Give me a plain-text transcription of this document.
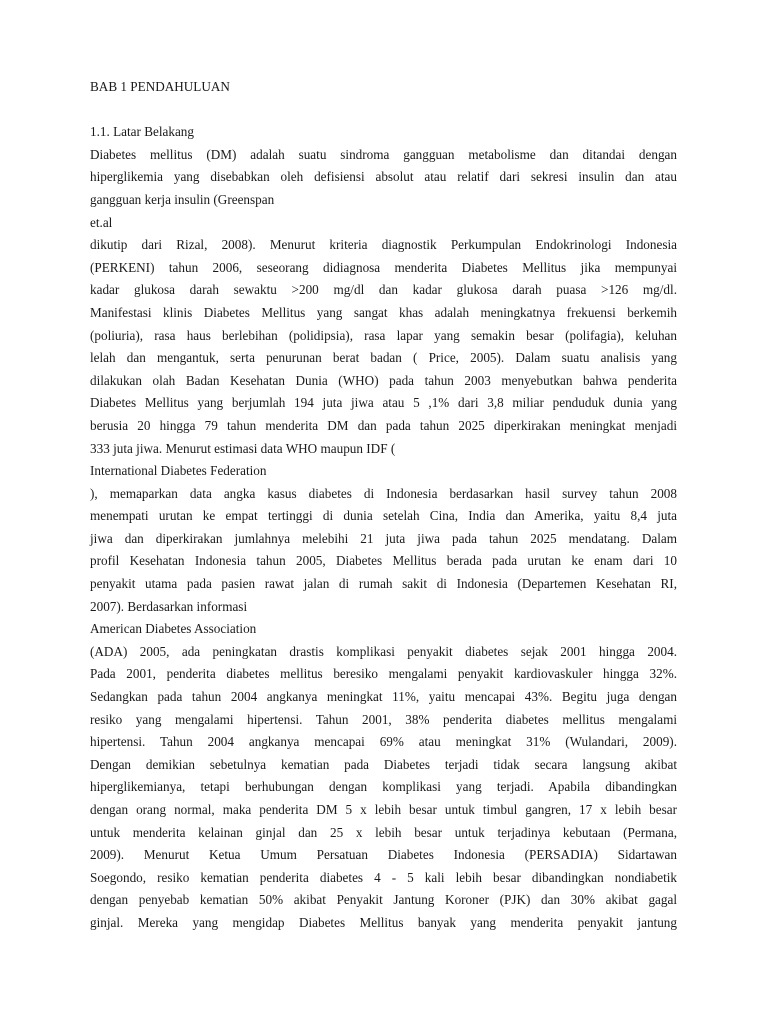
BAB 1 PENDAHULUAN
1.1. Latar Belakang
Diabetes mellitus (DM) adalah suatu sindroma gangguan metabolisme dan ditandai dengan
hiperglikemia yang disebabkan oleh defisiensi absolut atau relatif dari sekresi insulin dan atau
gangguan kerja insulin (Greenspan
et.al
dikutip dari Rizal, 2008). Menurut kriteria diagnostik Perkumpulan Endokrinologi Indonesia
(PERKENI) tahun 2006, seseorang didiagnosa menderita Diabetes Mellitus jika mempunyai
kadar glukosa darah sewaktu >200 mg/dl dan kadar glukosa darah puasa >126 mg/dl.
Manifestasi klinis Diabetes Mellitus yang sangat khas adalah meningkatnya frekuensi berkemih
(poliuria), rasa haus berlebihan (polidipsia), rasa lapar yang semakin besar (polifagia), keluhan
lelah dan mengantuk, serta penurunan berat badan ( Price, 2005). Dalam suatu analisis yang
dilakukan olah Badan Kesehatan Dunia (WHO) pada tahun 2003 menyebutkan bahwa penderita
Diabetes Mellitus yang berjumlah 194 juta jiwa atau 5 ,1% dari 3,8 miliar penduduk dunia yang
berusia 20 hingga 79 tahun menderita DM dan pada tahun 2025 diperkirakan meningkat menjadi
333 juta jiwa. Menurut estimasi data WHO maupun IDF (
International Diabetes Federation
), memaparkan data angka kasus diabetes di Indonesia berdasarkan hasil survey tahun 2008
menempati urutan ke empat tertinggi di dunia setelah Cina, India dan Amerika, yaitu 8,4 juta
jiwa dan diperkirakan jumlahnya melebihi 21 juta jiwa pada tahun 2025 mendatang. Dalam
profil Kesehatan Indonesia tahun 2005, Diabetes Mellitus berada pada urutan ke enam dari 10
penyakit utama pada pasien rawat jalan di rumah sakit di Indonesia (Departemen Kesehatan RI,
2007). Berdasarkan informasi
American Diabetes Association
(ADA) 2005, ada peningkatan drastis komplikasi penyakit diabetes sejak 2001 hingga 2004.
Pada 2001, penderita diabetes mellitus beresiko mengalami penyakit kardiovaskuler hingga 32%.
Sedangkan pada tahun 2004 angkanya meningkat 11%, yaitu mencapai 43%. Begitu juga dengan
resiko yang mengalami hipertensi. Tahun 2001, 38% penderita diabetes mellitus mengalami
hipertensi. Tahun 2004 angkanya mencapai 69% atau meningkat 31% (Wulandari, 2009).
Dengan demikian sebetulnya kematian pada Diabetes terjadi tidak secara langsung akibat
hiperglikemianya, tetapi berhubungan dengan komplikasi yang terjadi. Apabila dibandingkan
dengan orang normal, maka penderita DM 5 x lebih besar untuk timbul gangren, 17 x lebih besar
untuk menderita kelainan ginjal dan 25 x lebih besar untuk terjadinya kebutaan (Permana,
2009). Menurut Ketua Umum Persatuan Diabetes Indonesia (PERSADIA) Sidartawan
Soegondo, resiko kematian penderita diabetes 4 - 5 kali lebih besar dibandingkan nondiabetik
dengan penyebab kematian 50% akibat Penyakit Jantung Koroner (PJK) dan 30% akibat gagal
ginjal. Mereka yang mengidap Diabetes Mellitus banyak yang menderita penyakit jantung
